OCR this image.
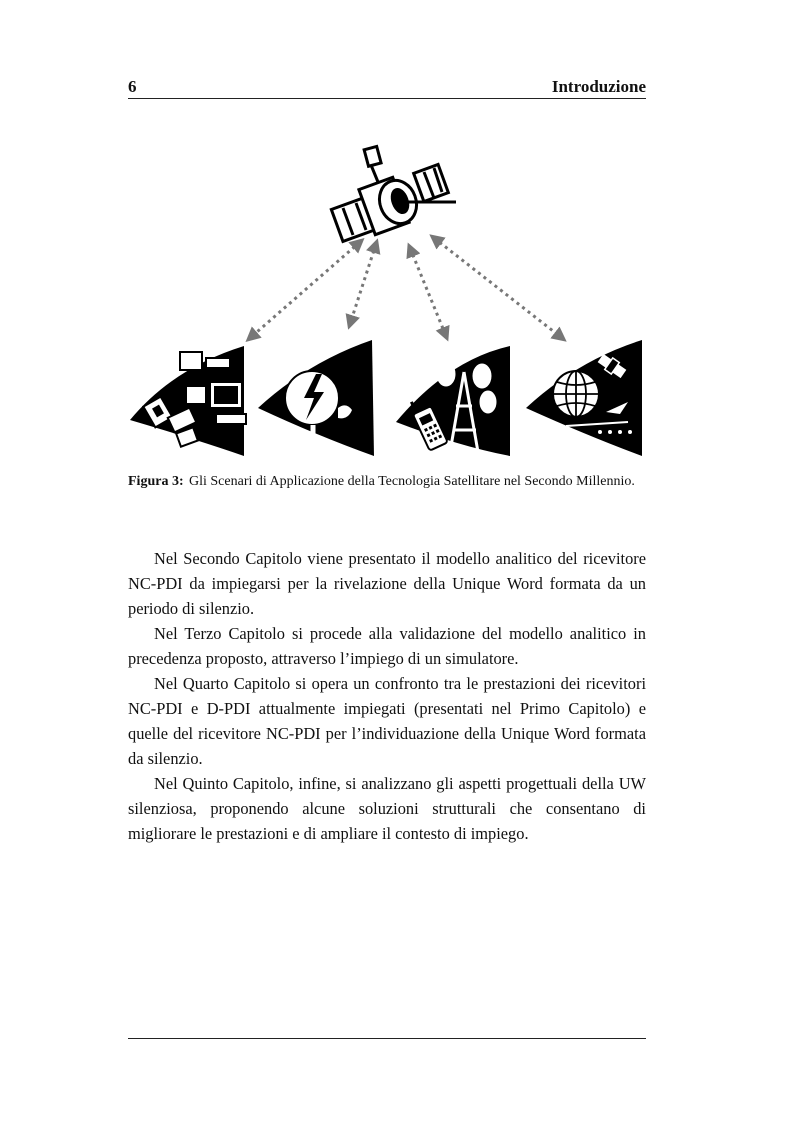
6	Introduzione
Figura 3: Gli Scenari di Applicazione della Tecnologia Satellitare nel Secondo Millennio.

Nel Secondo Capitolo viene presentato il modello analitico del ricevitore NC-PDI da impiegarsi per la rivelazione della Unique Word formata da un periodo di silenzio.

Nel Terzo Capitolo si procede alla validazione del modello analitico in precedenza proposto, attraverso l’impiego di un simulatore.

Nel Quarto Capitolo si opera un confronto tra le prestazioni dei ricevitori NC-PDI e D-PDI attualmente impiegati (presentati nel Primo Capitolo) e quelle del ricevitore NC-PDI per l’individuazione della Unique Word formata da silenzio.

Nel Quinto Capitolo, infine, si analizzano gli aspetti progettuali della UW silenziosa, proponendo alcune soluzioni strutturali che consentano di migliorare le prestazioni e di ampliare il contesto di impiego.
